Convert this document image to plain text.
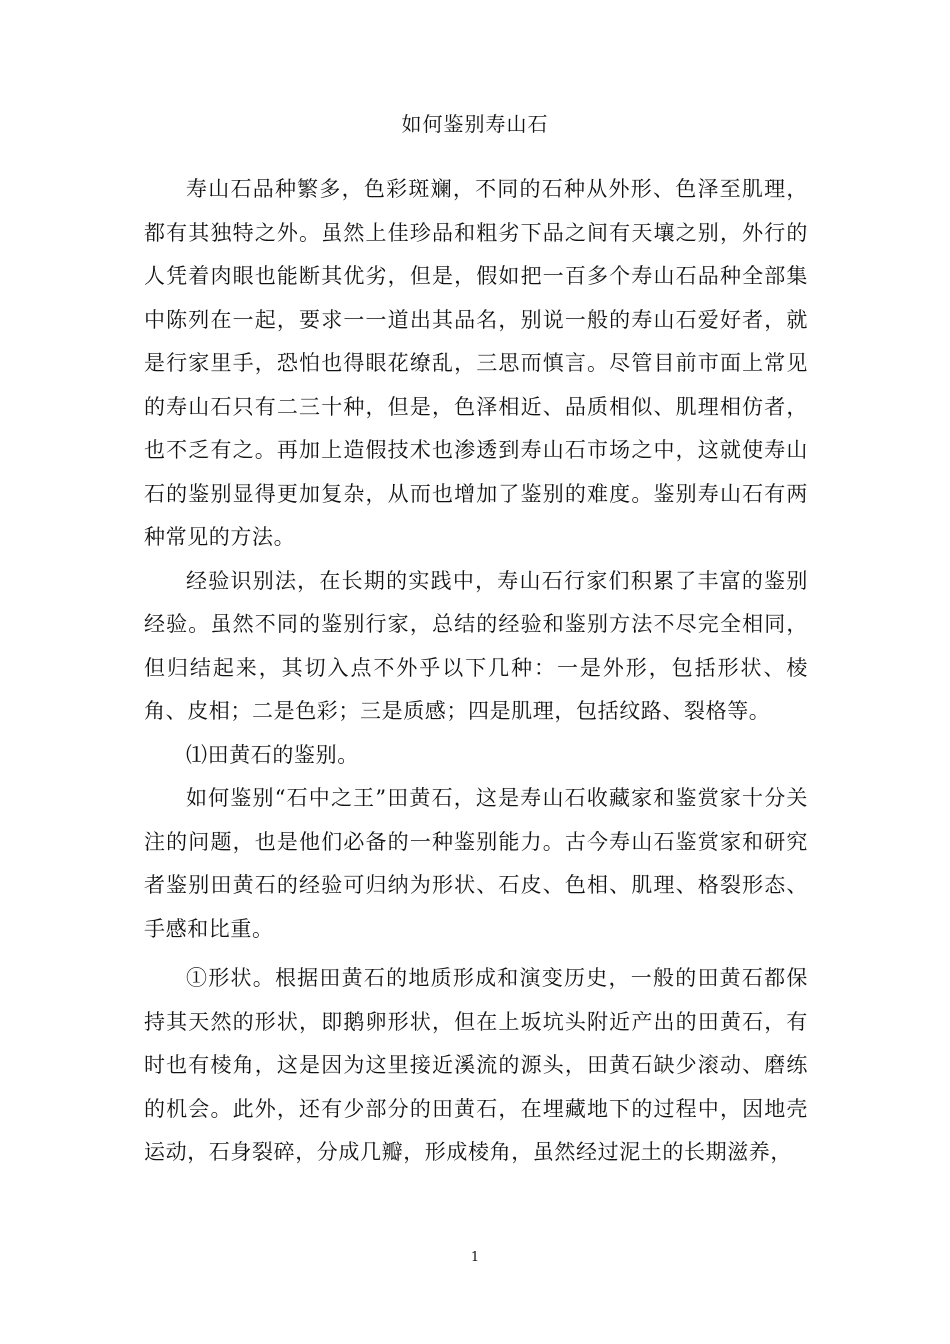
如何鉴别寿山石

寿山石品种繁多，色彩斑斓，不同的石种从外形、色泽至肌理，都有其独特之外。虽然上佳珍品和粗劣下品之间有天壤之别，外行的人凭着肉眼也能断其优劣，但是，假如把一百多个寿山石品种全部集中陈列在一起，要求一一道出其品名，别说一般的寿山石爱好者，就是行家里手，恐怕也得眼花缭乱，三思而慎言。尽管目前市面上常见的寿山石只有二三十种，但是，色泽相近、品质相似、肌理相仿者，也不乏有之。再加上造假技术也渗透到寿山石市场之中，这就使寿山石的鉴别显得更加复杂，从而也增加了鉴别的难度。鉴别寿山石有两种常见的方法。

经验识别法，在长期的实践中，寿山石行家们积累了丰富的鉴别经验。虽然不同的鉴别行家，总结的经验和鉴别方法不尽完全相同，但归结起来，其切入点不外乎以下几种：一是外形，包括形状、棱角、皮相；二是色彩；三是质感；四是肌理，包括纹路、裂格等。

⑴田黄石的鉴别。

如何鉴别“石中之王”田黄石，这是寿山石收藏家和鉴赏家十分关注的问题，也是他们必备的一种鉴别能力。古今寿山石鉴赏家和研究者鉴别田黄石的经验可归纳为形状、石皮、色相、肌理、格裂形态、手感和比重。

①形状。根据田黄石的地质形成和演变历史，一般的田黄石都保持其天然的形状，即鹅卵形状，但在上坂坑头附近产出的田黄石，有时也有棱角，这是因为这里接近溪流的源头，田黄石缺少滚动、磨练的机会。此外，还有少部分的田黄石，在埋藏地下的过程中，因地壳运动，石身裂碎，分成几瓣，形成棱角，虽然经过泥土的长期滋养，

1
